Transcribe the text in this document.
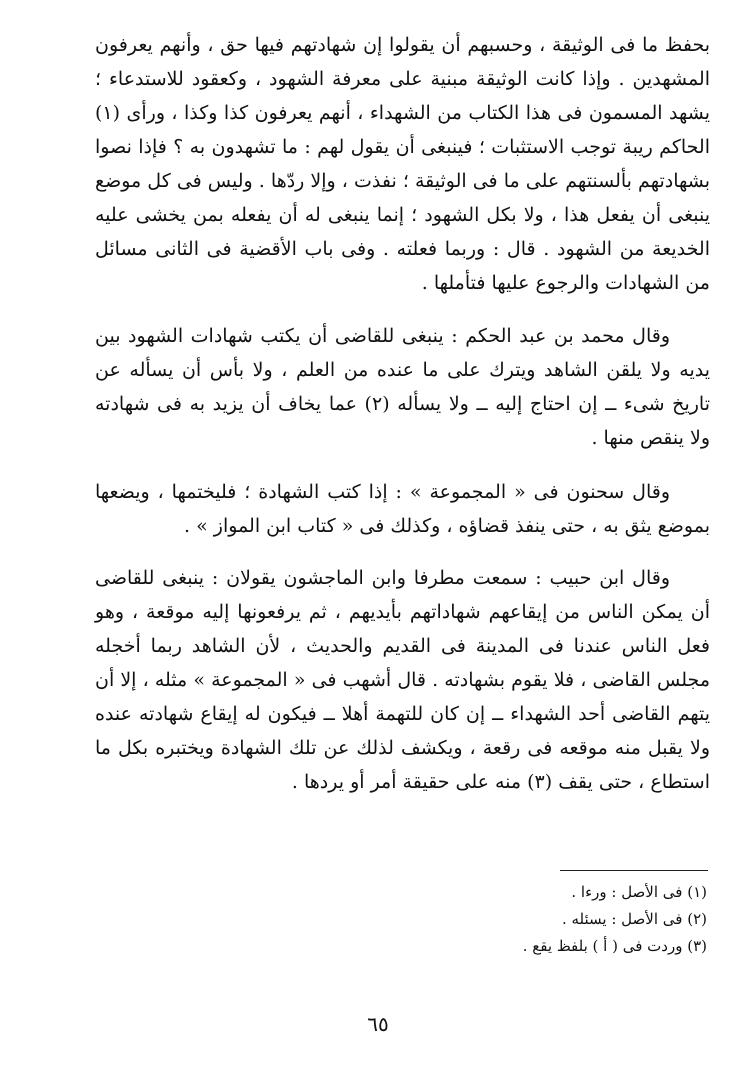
بحفظ ما فى الوثيقة ، وحسبهم أن يقولوا إن شهادتهم فيها حق ، وأنهم يعرفون المشهدين . وإذا كانت الوثيقة مبنية على معرفة الشهود ، وكعقود للاستدعاء ؛ يشهد المسمون فى هذا الكتاب من الشهداء ، أنهم يعرفون كذا وكذا ، ورأى (١) الحاكم ريبة توجب الاستثبات ؛ فينبغى أن يقول لهم : ما تشهدون به ؟ فإذا نصوا بشهادتهم بألسنتهم على ما فى الوثيقة ؛ نفذت ، وإلا ردّها . وليس فى كل موضع ينبغى أن يفعل هذا ، ولا بكل الشهود ؛ إنما ينبغى له أن يفعله بمن يخشى عليه الخديعة من الشهود . قال : وربما فعلته . وفى باب الأقضية فى الثانى مسائل من الشهادات والرجوع عليها فتأملها .

وقال محمد بن عبد الحكم : ينبغى للقاضى أن يكتب شهادات الشهود بين يديه ولا يلقن الشاهد ويترك على ما عنده من العلم ، ولا بأس أن يسأله عن تاريخ شىء ــ إن احتاج إليه ــ ولا يسأله (٢) عما يخاف أن يزيد به فى شهادته ولا ينقص منها .

وقال سحنون فى « المجموعة » : إذا كتب الشهادة ؛ فليختمها ، ويضعها بموضع يثق به ، حتى ينفذ قضاؤه ، وكذلك فى « كتاب ابن المواز » .

وقال ابن حبيب : سمعت مطرفا وابن الماجشون يقولان : ينبغى للقاضى أن يمكن الناس من إيقاعهم شهاداتهم بأيديهم ، ثم يرفعونها إليه موقعة ، وهو فعل الناس عندنا فى المدينة فى القديم والحديث ، لأن الشاهد ربما أخجله مجلس القاضى ، فلا يقوم بشهادته . قال أشهب فى « المجموعة » مثله ، إلا أن يتهم القاضى أحد الشهداء ــ إن كان للتهمة أهلا ــ فيكون له إيقاع شهادته عنده ولا يقبل منه موقعه فى رقعة ، ويكشف لذلك عن تلك الشهادة ويختبره بكل ما استطاع ، حتى يقف (٣) منه على حقيقة أمر أو يردها .

(١) فى الأصل : ورءا .

(٢) فى الأصل : يسئله .

(٣) وردت فى ( أ ) بلفظ يقع .

٦٥
